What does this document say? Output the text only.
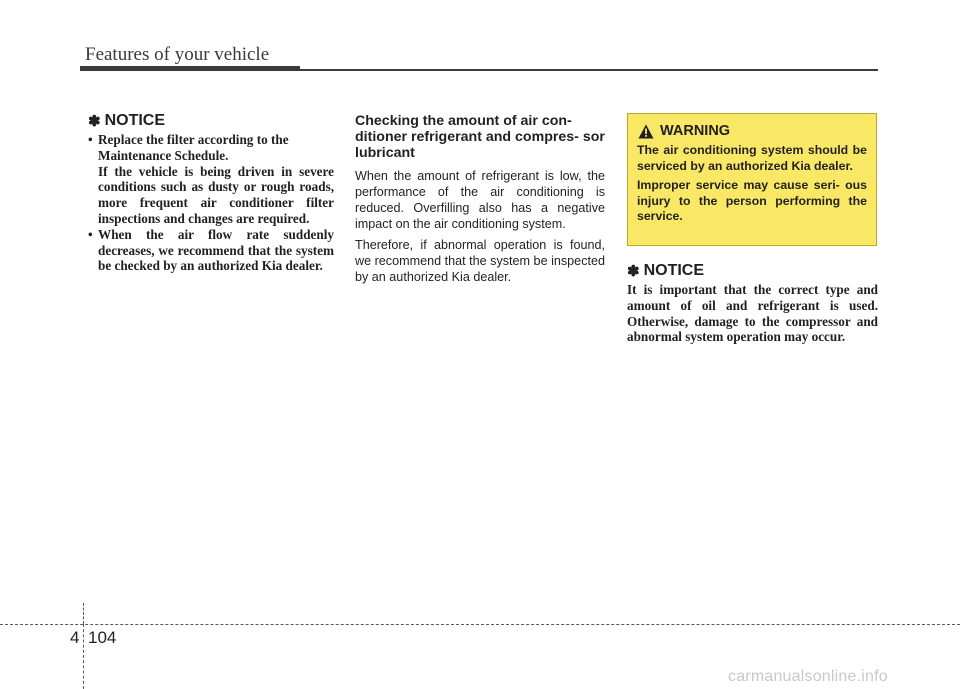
Features of your vehicle
✽ NOTICE
• Replace the filter according to the
Maintenance Schedule.
If the vehicle is being driven in severe conditions such as dusty or rough roads, more frequent air conditioner filter inspections and changes are required.
• When the air flow rate suddenly decreases, we recommend that the system be checked by an authorized Kia dealer.
Checking the amount of air con- ditioner refrigerant and compres- sor lubricant

When the amount of refrigerant is low, the performance of the air conditioning is reduced. Overfilling also has a negative impact on the air conditioning system.

Therefore, if abnormal operation is found, we recommend that the system be inspected by an authorized Kia dealer.

WARNING

The air conditioning system should be serviced by an authorized Kia dealer.

Improper service may cause seri- ous injury to the person performing the service.

✽ NOTICE

It is important that the correct type and amount of oil and refrigerant is used. Otherwise, damage to the compressor and abnormal system operation may occur.

4 104
carmanualsonline.info
